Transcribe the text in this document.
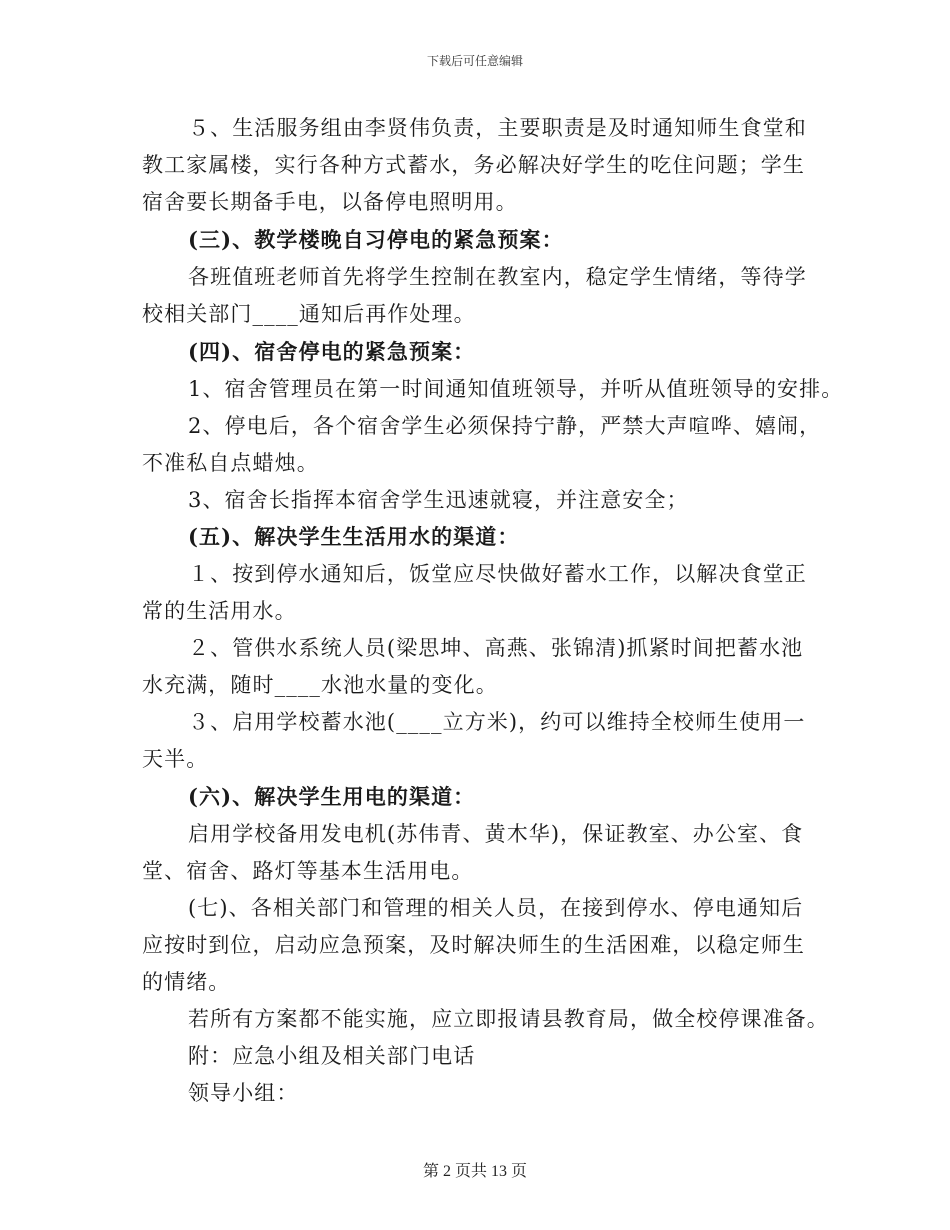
下载后可任意编辑
５、生活服务组由李贤伟负责，主要职责是及时通知师生食堂和
教工家属楼，实行各种方式蓄水，务必解决好学生的吃住问题；学生
宿舍要长期备手电，以备停电照明用。
(三)、教学楼晚自习停电的紧急预案：
各班值班老师首先将学生控制在教室内，稳定学生情绪，等待学
校相关部门____通知后再作处理。
(四)、宿舍停电的紧急预案：
1、宿舍管理员在第一时间通知值班领导，并听从值班领导的安排。
2、停电后，各个宿舍学生必须保持宁静，严禁大声喧哗、嬉闹，
不准私自点蜡烛。
3、宿舍长指挥本宿舍学生迅速就寝，并注意安全；
(五)、解决学生生活用水的渠道：
１、按到停水通知后，饭堂应尽快做好蓄水工作，以解决食堂正
常的生活用水。
２、管供水系统人员(梁思坤、高燕、张锦清)抓紧时间把蓄水池
水充满，随时____水池水量的变化。
３、启用学校蓄水池(____立方米)，约可以维持全校师生使用一
天半。
(六)、解决学生用电的渠道：
启用学校备用发电机(苏伟青、黄木华)，保证教室、办公室、食
堂、宿舍、路灯等基本生活用电。
(七)、各相关部门和管理的相关人员，在接到停水、停电通知后
应按时到位，启动应急预案，及时解决师生的生活困难，以稳定师生
的情绪。
若所有方案都不能实施，应立即报请县教育局，做全校停课准备。
附：应急小组及相关部门电话
领导小组：
第 2 页共 13 页
